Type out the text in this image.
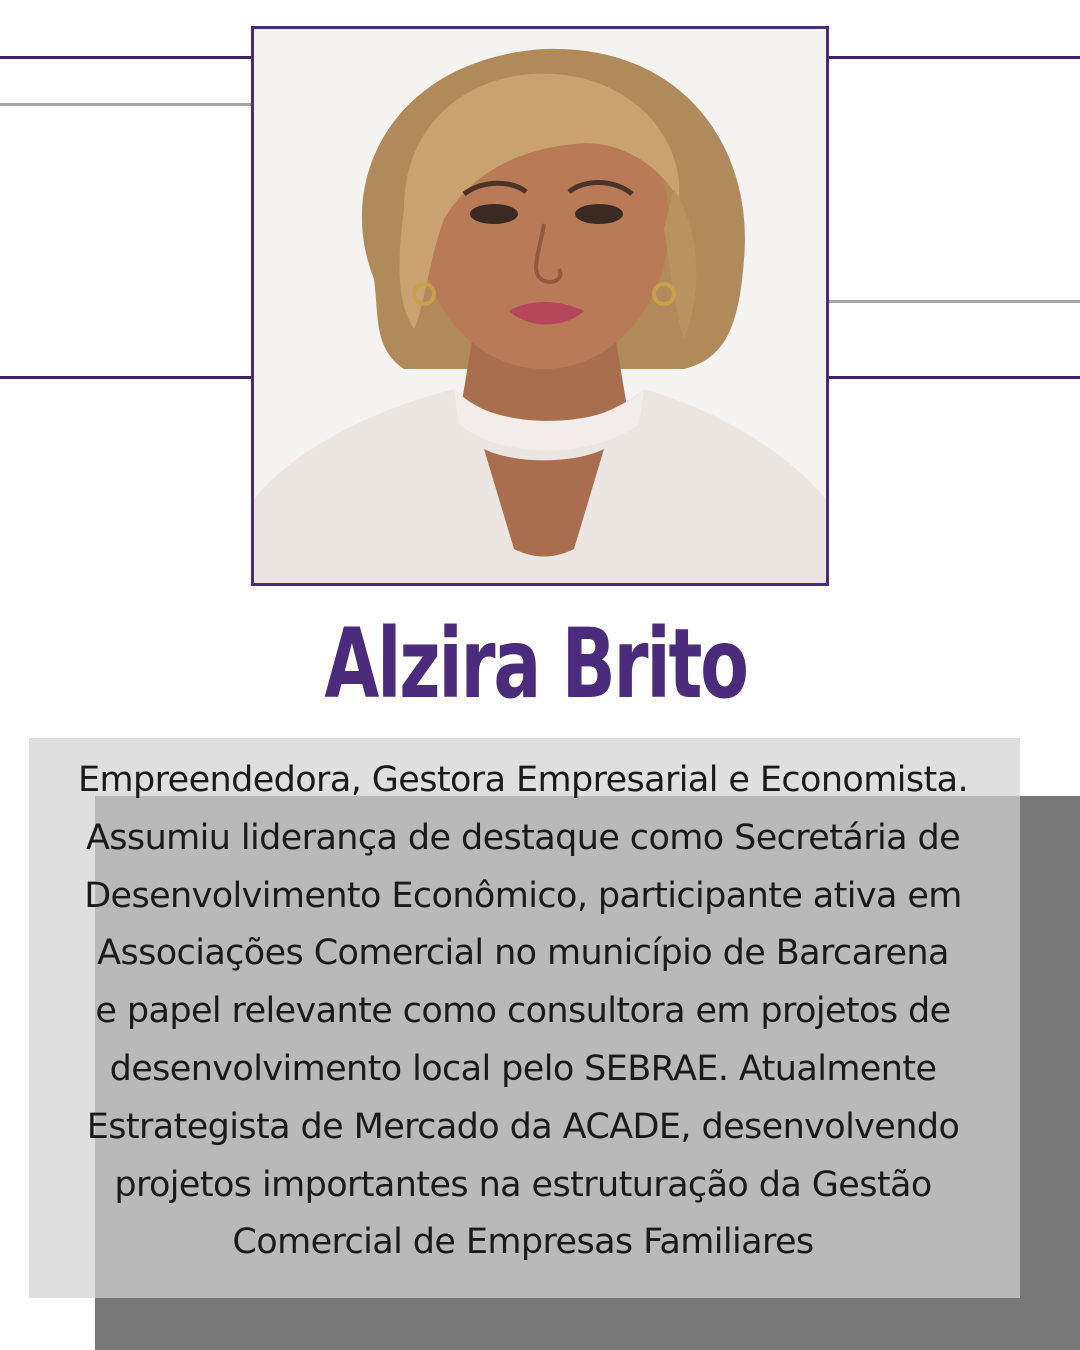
Alzira Brito

Empreendedora, Gestora Empresarial e Economista.
Assumiu liderança de destaque como Secretária de
Desenvolvimento Econômico, participante ativa em
Associações Comercial no município de Barcarena
e papel relevante como consultora em projetos de
desenvolvimento local pelo SEBRAE. Atualmente
Estrategista de Mercado da ACADE, desenvolvendo
projetos importantes na estruturação da Gestão
Comercial de Empresas Familiares
